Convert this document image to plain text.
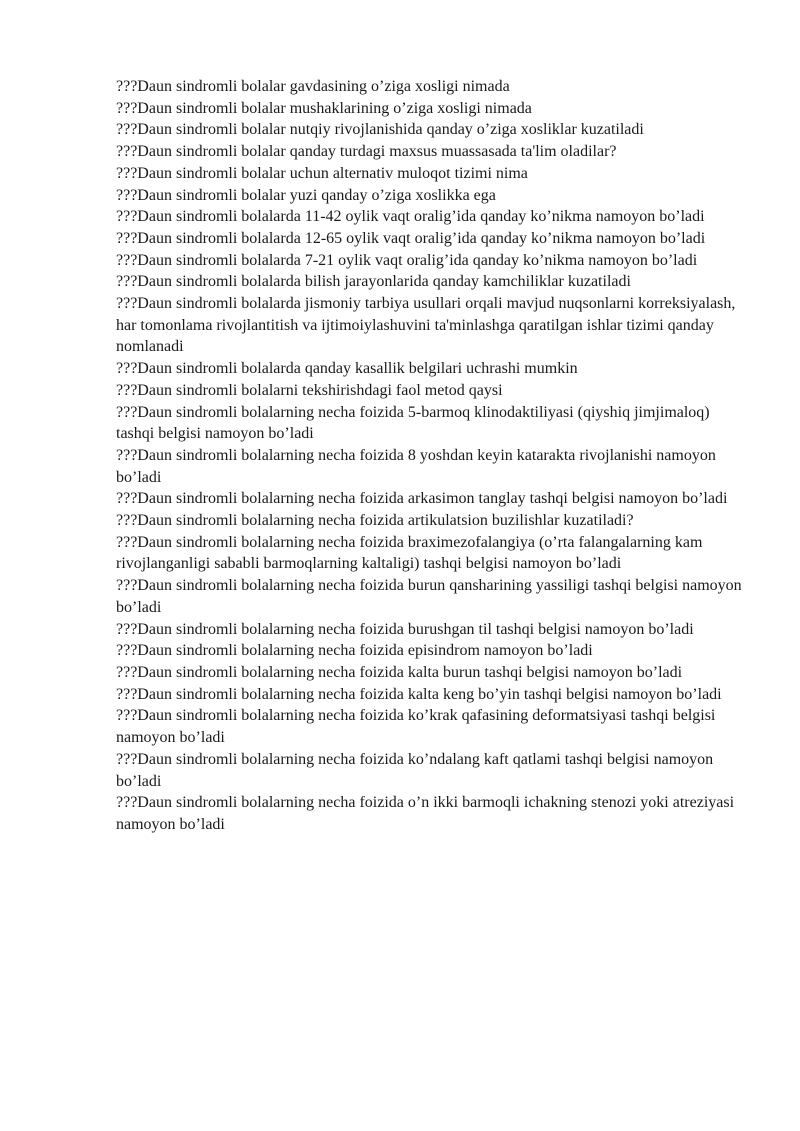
???Daun sindromli bolalar gavdasining o’ziga xosligi nimada

???Daun sindromli bolalar mushaklarining o’ziga xosligi nimada

???Daun sindromli bolalar nutqiy rivojlanishida qanday o’ziga xosliklar kuzatiladi

???Daun sindromli bolalar qanday turdagi maxsus muassasada ta'lim oladilar?

???Daun sindromli bolalar uchun alternativ muloqot tizimi nima

???Daun sindromli bolalar yuzi qanday o’ziga xoslikka ega

???Daun sindromli bolalarda 11-42 oylik vaqt oralig’ida qanday ko’nikma namoyon bo’ladi

???Daun sindromli bolalarda 12-65 oylik vaqt oralig’ida qanday ko’nikma namoyon bo’ladi

???Daun sindromli bolalarda 7-21 oylik vaqt oralig’ida qanday ko’nikma namoyon bo’ladi

???Daun sindromli bolalarda bilish jarayonlarida qanday kamchiliklar kuzatiladi

???Daun sindromli bolalarda jismoniy tarbiya usullari orqali mavjud nuqsonlarni korreksiyalash, har tomonlama rivojlantitish va ijtimoiylashuvini ta'minlashga qaratilgan ishlar tizimi qanday nomlanadi

???Daun sindromli bolalarda qanday kasallik belgilari uchrashi mumkin

???Daun sindromli bolalarni tekshirishdagi faol metod qaysi

???Daun sindromli bolalarning necha foizida 5-barmoq klinodaktiliyasi (qiyshiq jimjimaloq) tashqi belgisi namoyon bo’ladi

???Daun sindromli bolalarning necha foizida 8 yoshdan keyin katarakta rivojlanishi namoyon bo’ladi

???Daun sindromli bolalarning necha foizida arkasimon tanglay tashqi belgisi namoyon bo’ladi

???Daun sindromli bolalarning necha foizida artikulatsion buzilishlar kuzatiladi?

???Daun sindromli bolalarning necha foizida braximezofalangiya (o’rta falangalarning kam rivojlanganligi sababli barmoqlarning kaltaligi) tashqi belgisi namoyon bo’ladi

???Daun sindromli bolalarning necha foizida burun qansharining yassiligi tashqi belgisi namoyon bo’ladi

???Daun sindromli bolalarning necha foizida burushgan til tashqi belgisi namoyon bo’ladi

???Daun sindromli bolalarning necha foizida episindrom namoyon bo’ladi

???Daun sindromli bolalarning necha foizida kalta burun tashqi belgisi namoyon bo’ladi

???Daun sindromli bolalarning necha foizida kalta keng bo’yin tashqi belgisi namoyon bo’ladi

???Daun sindromli bolalarning necha foizida ko’krak qafasining deformatsiyasi tashqi belgisi namoyon bo’ladi

???Daun sindromli bolalarning necha foizida ko’ndalang kaft qatlami tashqi belgisi namoyon bo’ladi

???Daun sindromli bolalarning necha foizida o’n ikki barmoqli ichakning stenozi yoki atreziyasi namoyon bo’ladi
